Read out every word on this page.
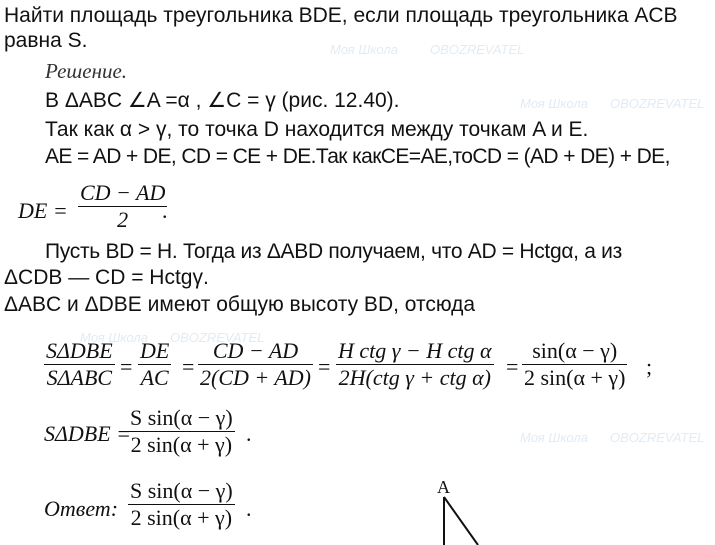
Моя Школа OBOZREVATEL
Моя Школа OBOZREVATEL
Моя Школа OBOZREVATEL
Моя Школа OBOZREVATEL
Найти площадь треугольника BDE, если площадь треугольника ACB
равна S.
Решение.
В ΔABC ∠A =α , ∠C = γ (рис. 12.40).
Так как α > γ, то точка D находится между точкам A и E.
AE = AD + DE, CD = CE + DE.Так какCE=AE,тоCD = (AD + DE) + DE,
DE = $\frac{CD - AD}{2}$
.
Пусть BD = H. Тогда из ΔABD получаем, что AD = Hctgα, а из
ΔCDB — CD = Hctgγ.
ΔABC и ΔDBE имеют общую высоту BD, отсюда
SΔDBE
$S\Delta ABC = \frac{DE}{AC} = \frac{CD - AD}{2(CD + AD)}$ =
H ctg γ − H ctg α
2H(ctg γ + ctg $\alpha) = \frac{\sin(\alpha - \gamma)}{2 \sin(\alpha + \gamma)}$ ;
SΔDBE =
$\frac{\text{S sin(α − γ)}}{2 \sin(\alpha + \gamma)}$ .
Ответ: $\frac{\text{S sin(α − γ)}}{2 \sin(\alpha + \gamma)}$ .
A
